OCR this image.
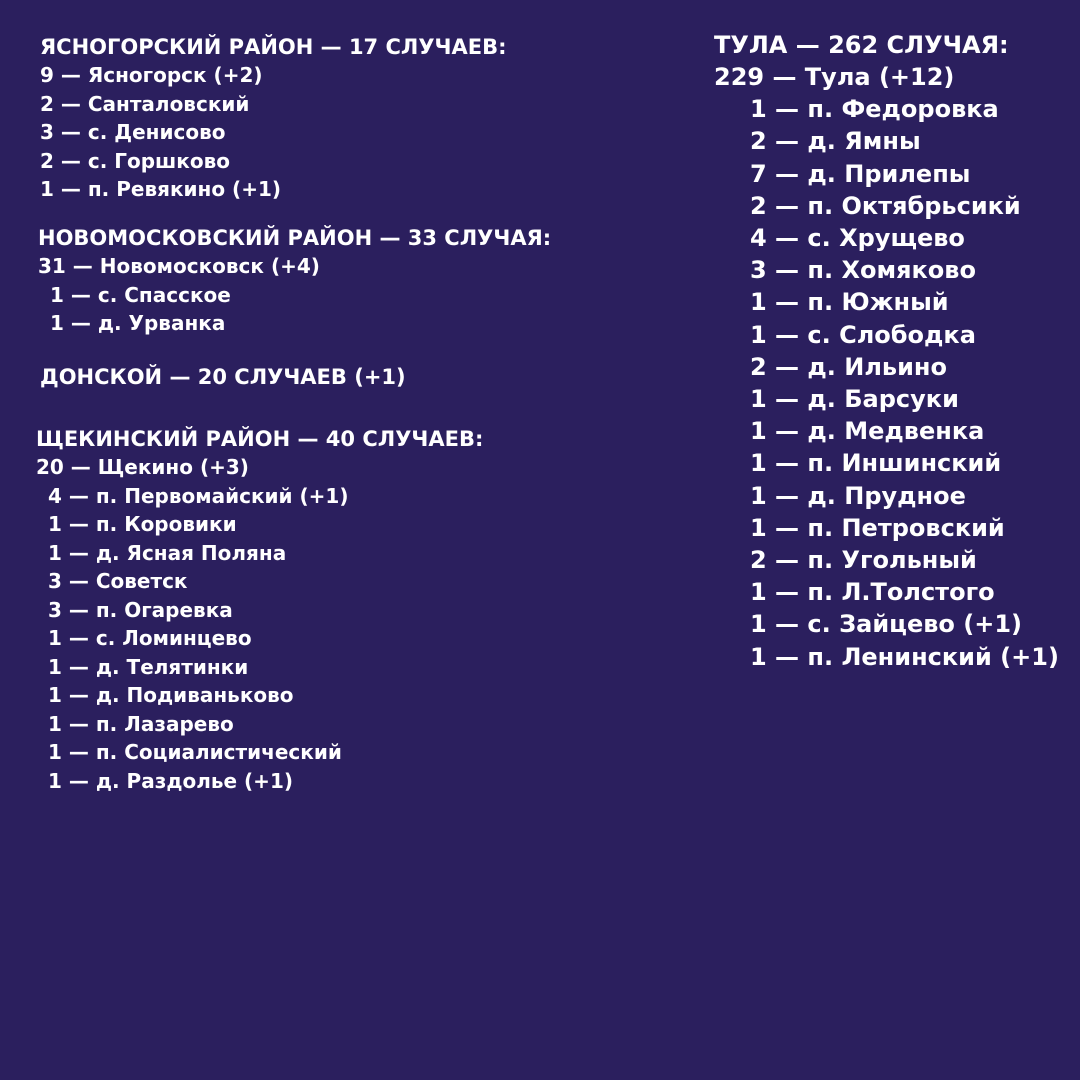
ЯСНОГОРСКИЙ РАЙОН — 17 СЛУЧАЕВ:
9 — Ясногорск (+2)
2 — Санталовский
3 — с. Денисово
2 — с. Горшково
1 — п. Ревякино (+1)
НОВОМОСКОВСКИЙ РАЙОН — 33 СЛУЧАЯ:
31 — Новомосковск (+4)
1 — с. Спасское
1 — д. Урванка
ДОНСКОЙ — 20 СЛУЧАЕВ (+1)
ЩЕКИНСКИЙ РАЙОН — 40 СЛУЧАЕВ:
20 — Щекино (+3)
4 — п. Первомайский (+1)
1 — п. Коровики
1 — д. Ясная Поляна
3 — Советск
3 — п. Огаревка
1 — с. Ломинцево
1 — д. Телятинки
1 — д. Подиваньково
1 — п. Лазарево
1 — п. Социалистический
1 — д. Раздолье (+1)
ТУЛА — 262 СЛУЧАЯ:
229 — Тула (+12)
1 — п. Федоровка
2 — д. Ямны
7 — д. Прилепы
2 — п. Октябрьсикй
4 — с. Хрущево
3 — п. Хомяково
1 — п. Южный
1 — с. Слободка
2 — д. Ильино
1 — д. Барсуки
1 — д. Медвенка
1 — п. Иншинский
1 — д. Прудное
1 — п. Петровский
2 — п. Угольный
1 — п. Л.Толстого
1 — с. Зайцево (+1)
1 — п. Ленинский (+1)
